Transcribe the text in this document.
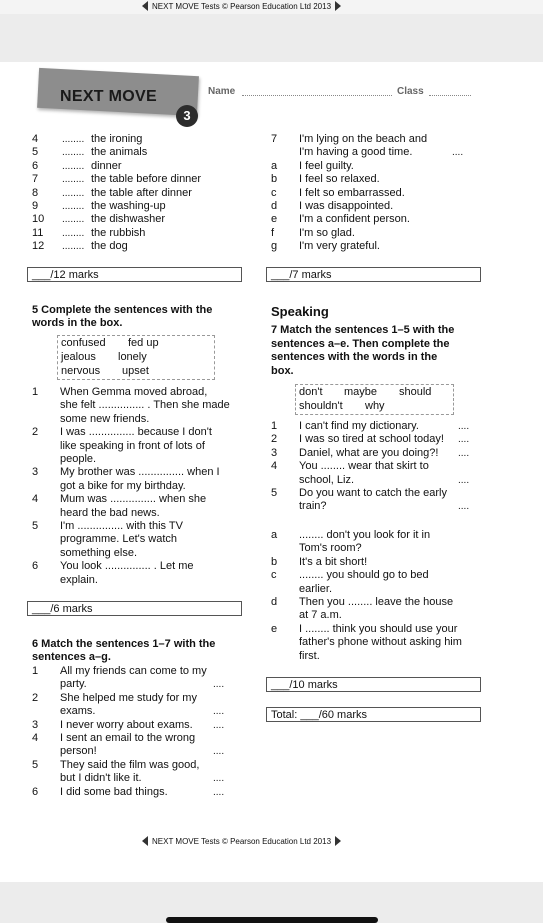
NEXT MOVE Tests © Pearson Education Ltd 2013
NEXT MOVE
3
Name	Class
4 ........ the ironing
5 ........ the animals
6 ........ dinner
7 ........ the table before dinner
8 ........ the table after dinner
9 ........ the washing-up
10 ........ the dishwasher
11 ........ the rubbish
12 ........ the dog
___/12 marks
7 I'm lying on the beach and
I'm having a good time.	....
a I feel guilty.
b I feel so relaxed.
c I felt so embarrassed.
d I was disappointed.
e I'm a confident person.
f I'm so glad.
g I'm very grateful.
___/7 marks
5 Complete the sentences with the
words in the box.
confused fed up
jealous lonely
nervous upset
1 When Gemma moved abroad,
she felt ............... . Then she made
some new friends.
2 I was ............... because I don't
like speaking in front of lots of
people.
3 My brother was ............... when I
got a bike for my birthday.
4 Mum was ............... when she
heard the bad news.
5 I'm ............... with this TV
programme. Let's watch
something else.
6 You look ............... . Let me
explain.
___/6 marks
6 Match the sentences 1–7 with the
sentences a–g.
1 All my friends can come to my
party.	....
2 She helped me study for my
exams.	....
3 I never worry about exams. ....
4 I sent an email to the wrong
person!	....
5 They said the film was good,
but I didn't like it.	....
6 I did some bad things.	....
Speaking
7 Match the sentences 1–5 with the
sentences a–e. Then complete the
sentences with the words in the
box.
don't maybe should
shouldn't why
1 I can't find my dictionary.	....
2 I was so tired at school today! ....
3 Daniel, what are you doing?! ....
4 You ........ wear that skirt to
school, Liz.	....
5 Do you want to catch the early
train?	....
a ........ don't you look for it in
Tom's room?
b It's a bit short!
c ........ you should go to bed
earlier.
d Then you ........ leave the house
at 7 a.m.
e I ........ think you should use your
father's phone without asking him
first.
___/10 marks
Total: ___/60 marks
NEXT MOVE Tests © Pearson Education Ltd 2013
